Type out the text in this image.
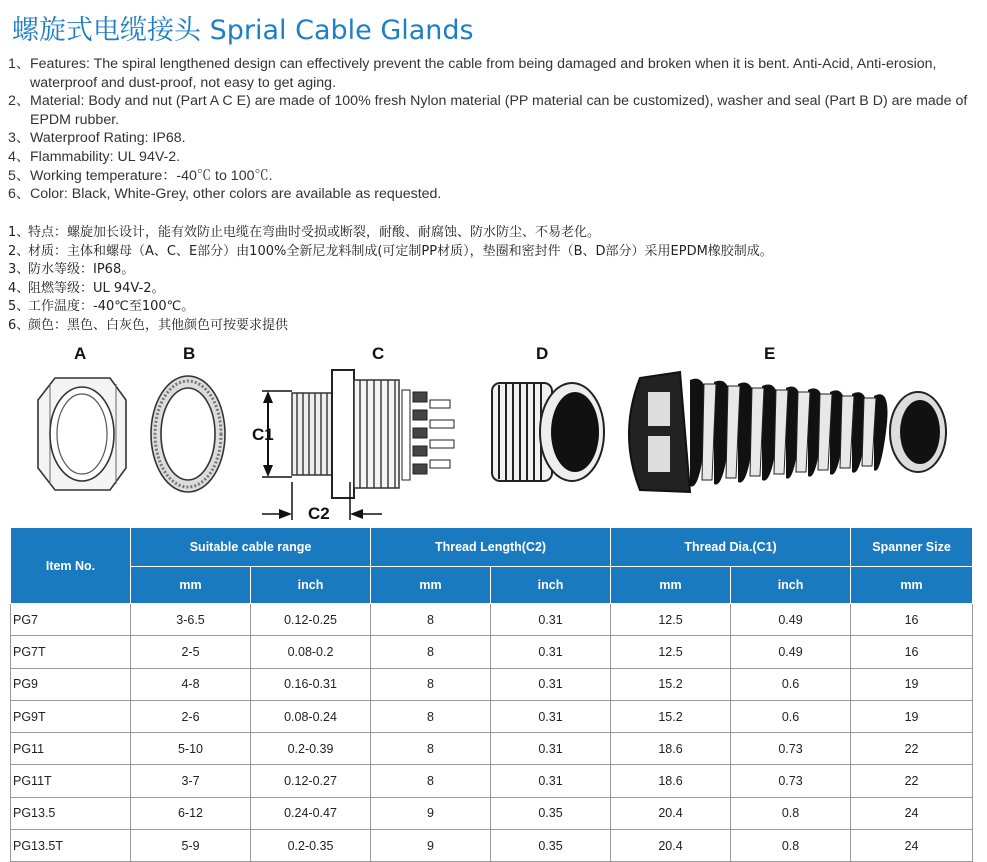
螺旋式电缆接头 Sprial Cable Glands
1、 Features: The spiral lengthened design can effectively prevent the cable from being damaged and broken when it is bent. Anti-Acid, Anti-erosion, waterproof and dust-proof, not easy to get aging.
2、 Material: Body and nut (Part A C E) are made of 100% fresh Nylon material (PP material can be customized), washer and seal (Part B D) are made of EPDM rubber.
3、 Waterproof Rating: IP68.
4、 Flammability: UL 94V-2.
5、 Working temperature：-40℃ to 100℃.
6、 Color: Black, White-Grey, other colors are available as requested.
1、
特点：螺旋加长设计，能有效防止电缆在弯曲时受损或断裂，耐酸、耐腐蚀、防水防尘、不易老化。
2、
材质：主体和螺母（A、C、E部分）由100%全新尼龙料制成(可定制PP材质），垫圈和密封件（B、D部分）采用EPDM橡胶制成。
3、
防水等级：IP68。
4、
阻燃等级：UL 94V-2。
5、
工作温度：-40℃至100℃。
6、
颜色：黑色、白灰色，其他颜色可按要求提供
A	B	C	D	E
C1
C2
Item No.	Suitable cable range		Thread Length(C2)		Thread Dia.(C1)		Spanner Size
	mm	inch	mm	inch	mm	inch	mm
PG7	3-6.5	0.12-0.25	8	0.31	12.5	0.49	16
PG7T	2-5	0.08-0.2	8	0.31	12.5	0.49	16
PG9	4-8	0.16-0.31	8	0.31	15.2	0.6	19
PG9T	2-6	0.08-0.24	8	0.31	15.2	0.6	19
PG11	5-10	0.2-0.39	8	0.31	18.6	0.73	22
PG11T	3-7	0.12-0.27	8	0.31	18.6	0.73	22
PG13.5	6-12	0.24-0.47	9	0.35	20.4	0.8	24
PG13.5T	5-9	0.2-0.35	9	0.35	20.4	0.8	24
